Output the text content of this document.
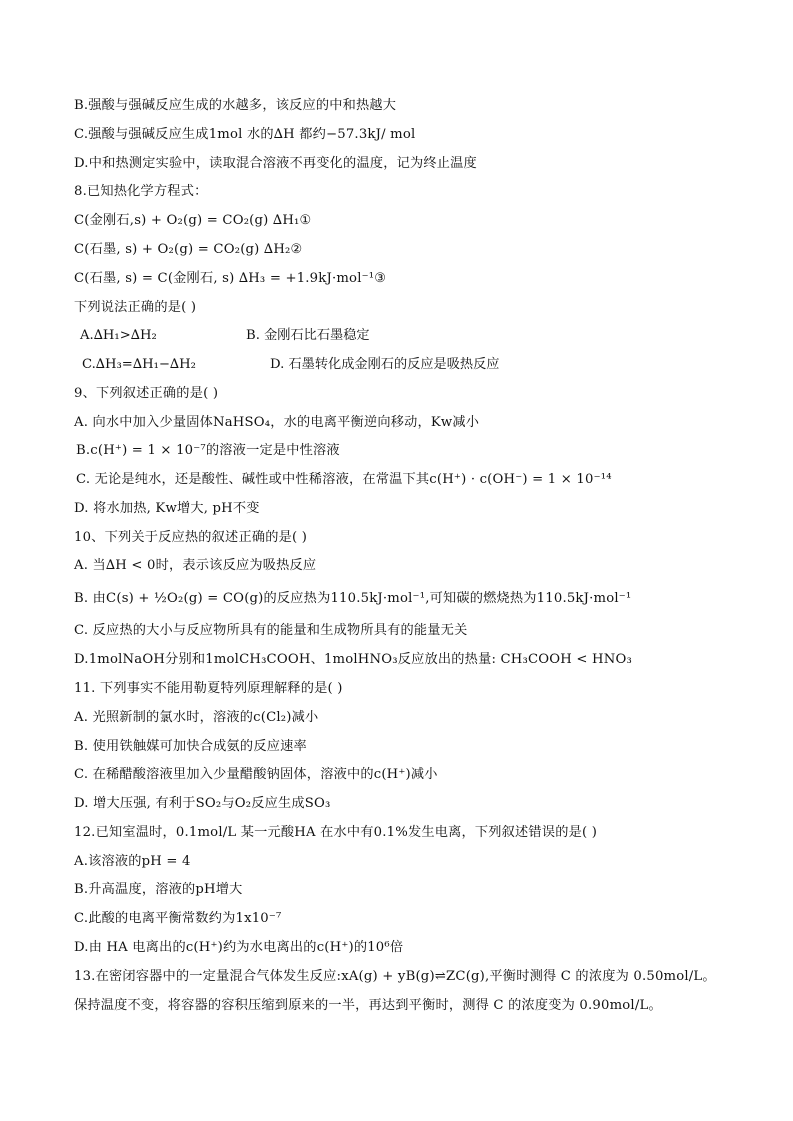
B.强酸与强碱反应生成的水越多，该反应的中和热越大
C.强酸与强碱反应生成1mol 水的∆H 都约−57.3kJ/ mol
D.中和热测定实验中，读取混合溶液不再变化的温度，记为终止温度
8.已知热化学方程式：
C(金刚石,s) + O₂(g) = CO₂(g) ∆H₁①
C(石墨, s) + O₂(g) = CO₂(g) ∆H₂②
C(石墨, s) = C(金刚石, s) ∆H₃ = +1.9kJ·mol⁻¹③
下列说法正确的是( )
A.∆H₁>∆H₂	B. 金刚石比石墨稳定
C.∆H₃=∆H₁−∆H₂	D. 石墨转化成金刚石的反应是吸热反应
9、下列叙述正确的是( )
A. 向水中加入少量固体NaHSO₄，水的电离平衡逆向移动，Kw减小
B.c(H⁺) = 1 × 10⁻⁷的溶液一定是中性溶液
C. 无论是纯水，还是酸性、碱性或中性稀溶液，在常温下其c(H⁺) · c(OH⁻) = 1 × 10⁻¹⁴
D. 将水加热, Kw增大, pH不变
10、下列关于反应热的叙述正确的是( )
A. 当∆H < 0时，表示该反应为吸热反应
B. 由C(s) + ½O₂(g) = CO(g)的反应热为110.5kJ·mol⁻¹,可知碳的燃烧热为110.5kJ·mol⁻¹
C. 反应热的大小与反应物所具有的能量和生成物所具有的能量无关
D.1molNaOH分别和1molCH₃COOH、1molHNO₃反应放出的热量: CH₃COOH < HNO₃
11. 下列事实不能用勒夏特列原理解释的是( )
A. 光照新制的氯水时，溶液的c(Cl₂)减小
B. 使用铁触媒可加快合成氨的反应速率
C. 在稀醋酸溶液里加入少量醋酸钠固体，溶液中的c(H⁺)减小
D. 增大压强, 有利于SO₂与O₂反应生成SO₃
12.已知室温时，0.1mol/L 某一元酸HA 在水中有0.1%发生电离，下列叙述错误的是( )
A.该溶液的pH = 4
B.升高温度，溶液的pH增大
C.此酸的电离平衡常数约为1x10⁻⁷
D.由 HA 电离出的c(H⁺)约为水电离出的c(H⁺)的10⁶倍
13.在密闭容器中的一定量混合气体发生反应:xA(g) + yB(g)⇌ZC(g),平衡时测得 C 的浓度为 0.50mol/L。保持温度不变，将容器的容积压缩到原来的一半，再达到平衡时，测得 C 的浓度变为 0.90mol/L。
